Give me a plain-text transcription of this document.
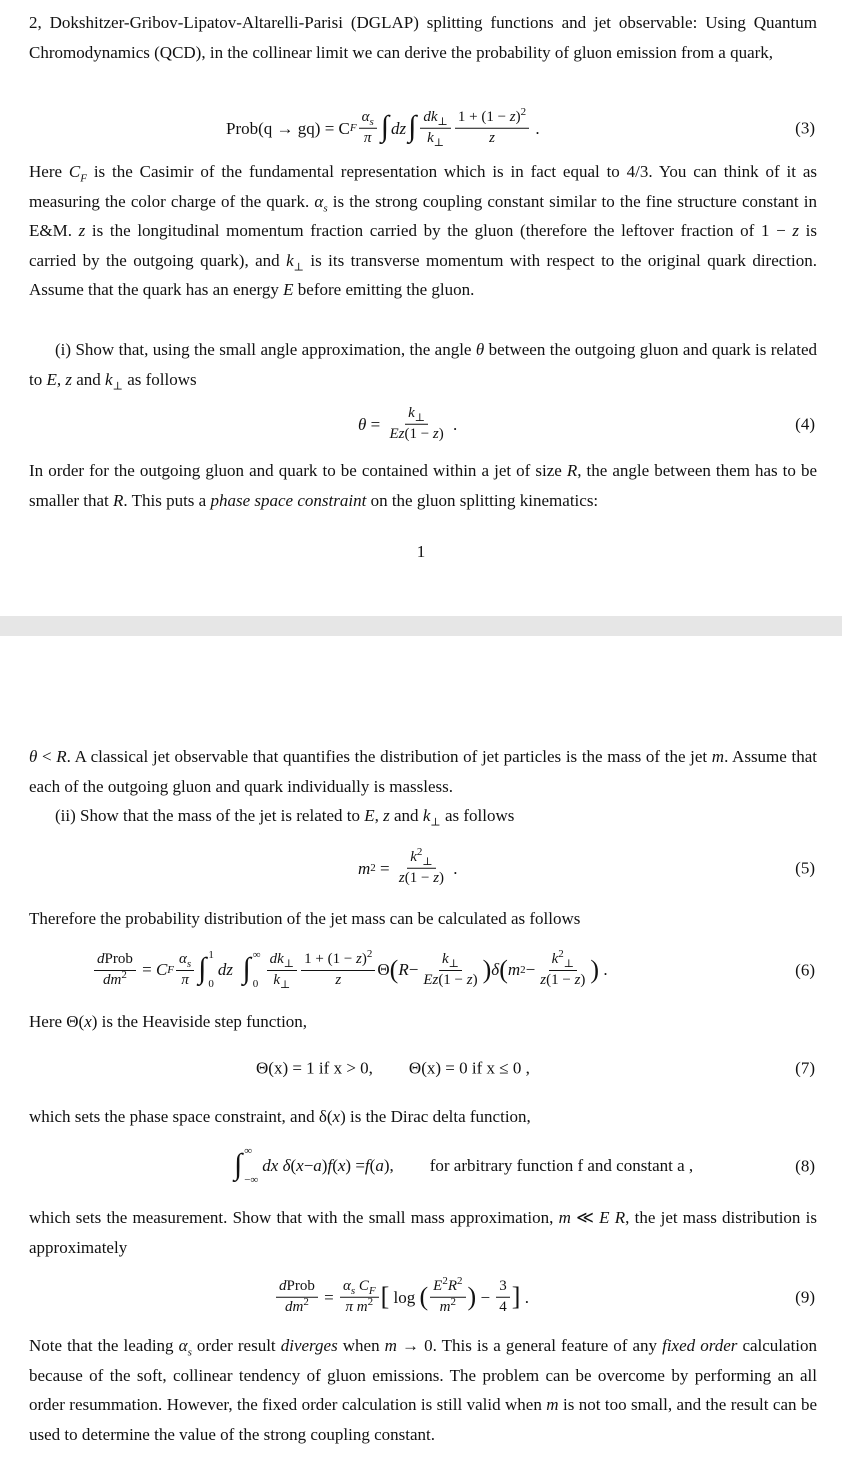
2, Dokshitzer-Gribov-Lipatov-Altarelli-Parisi (DGLAP) splitting functions and jet observable: Using Quantum Chromodynamics (QCD), in the collinear limit we can derive the probability of gluon emission from a quark,
Prob(q → gq) = C F $\frac{\alpha_s}{\pi}$ ∫ dz ∫ $\frac{dk_\perp}{k_\perp} \frac{1 + (1 - z)^2}{z}$ .	(3)
Here $C_F$ is the Casimir of the fundamental representation which is in fact equal to 4/3. You can think of it as measuring the color charge of the quark. $\alpha_s$ is the strong coupling constant similar to the fine structure constant in E&M. z is the longitudinal momentum fraction carried by the gluon (therefore the leftover fraction of 1 − z is carried by the outgoing quark), and $k_\perp$ is its transverse momentum with respect to the original quark direction. Assume that the quark has an energy E before emitting the gluon.
(i) Show that, using the small angle approximation, the angle θ between the outgoing gluon and quark is related to E, z and $k_\perp$ as follows
$\theta = \frac{k_\perp}{Ez(1 - z)}$ .	(4)
In order for the outgoing gluon and quark to be contained within a jet of size R, the angle between them has to be smaller that R. This puts a phase space constraint on the gluon splitting kinematics:
1
θ < R. A classical jet observable that quantifies the distribution of jet particles is the mass of the jet m. Assume that each of the outgoing gluon and quark individually is massless.
(ii) Show that the mass of the jet is related to E, z and $k_\perp$ as follows
m $2 = \frac{k^2_\perp}{z(1 - z)}$ .	(5)
Therefore the probability distribution of the jet mass can be calculated as follows
$\frac{\text{dProb}}{dm^2} = C$ F $\frac{\alpha_s}{\pi}$ ∫ 1
0
dz ∫ ∞
$0 \frac{dk_\perp}{k_\perp} \frac{1 + (1 - z)^2}{z}$ Θ ( $R - \frac{k_\perp}{Ez(1 - z)}$ ) δ ( m $2 - \frac{k^2_\perp}{z(1 - z)}$ ) .	(6)
Here Θ(x) is the Heaviside step function,
Θ(x) = 1 if x > 0, Θ(x) = 0 if x ≤ 0 ,	(7)
which sets the phase space constraint, and δ(x) is the Dirac delta function,
∫ ∞
−∞
dx
δ ( x − a ) f ( x ) = f ( a ), for arbitrary function f and constant a ,	(8)
which sets the measurement. Show that with the small mass approximation, m ≪ E R, the jet mass distribution is approximately
$\frac{\text{dProb}}{dm^2} = \frac{\alpha_s C_F}{\pi m^2}$ [ log ( $\frac{E^2R^2}{m^2}$ ) − $\frac{3}{4}$ ] .	(9)
Note that the leading $\alpha_s$ order result diverges when m → 0. This is a general feature of any fixed order calculation because of the soft, collinear tendency of gluon emissions. The problem can be overcome by performing an all order resummation. However, the fixed order calculation is still valid when m is not too small, and the result can be used to determine the value of the strong coupling constant.
